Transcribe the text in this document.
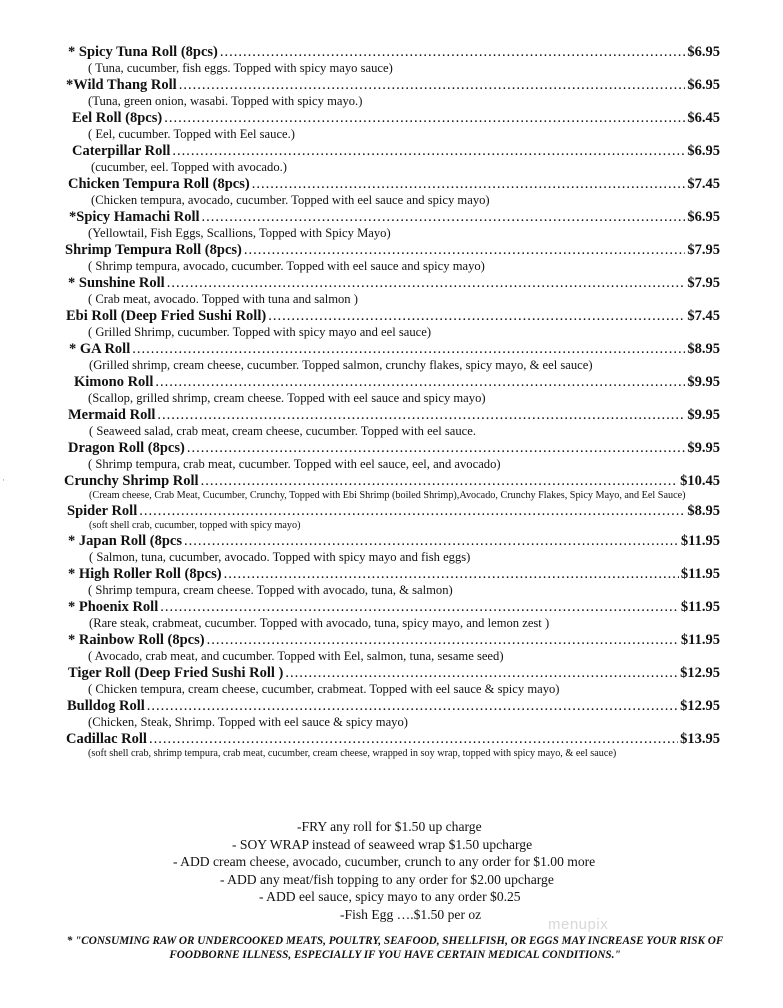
* Spicy Tuna Roll (8pcs) .....	$6.95
( Tuna, cucumber, fish eggs. Topped with spicy mayo sauce)
*Wild Thang Roll .....	$6.95
(Tuna, green onion, wasabi. Topped with spicy mayo.)
Eel Roll (8pcs) .....	$6.45
( Eel, cucumber. Topped with Eel sauce.)
Caterpillar Roll .....	$6.95
(cucumber, eel. Topped with avocado.)
Chicken Tempura Roll (8pcs) .....	$7.45
(Chicken tempura, avocado, cucumber. Topped with eel sauce and spicy mayo)
*Spicy Hamachi Roll .....	$6.95
(Yellowtail, Fish Eggs, Scallions, Topped with Spicy Mayo)
Shrimp Tempura Roll (8pcs) .....	$7.95
( Shrimp tempura, avocado, cucumber. Topped with eel sauce and spicy mayo)
* Sunshine Roll .....	$7.95
( Crab meat, avocado. Topped with tuna and salmon )
Ebi Roll (Deep Fried Sushi Roll) .....	$7.45
( Grilled Shrimp, cucumber. Topped with spicy mayo and eel sauce)
* GA Roll .....	$8.95
(Grilled shrimp, cream cheese, cucumber. Topped salmon, crunchy flakes, spicy mayo, & eel sauce)
Kimono Roll .....	$9.95
(Scallop, grilled shrimp, cream cheese. Topped with eel sauce and spicy mayo)
Mermaid Roll .....	$9.95
( Seaweed salad, crab meat, cream cheese, cucumber. Topped with eel sauce.
Dragon Roll (8pcs) .....	$9.95
( Shrimp tempura, crab meat, cucumber. Topped with eel sauce, eel, and avocado)
Crunchy Shrimp Roll .....	$10.45
(Cream cheese, Crab Meat, Cucumber, Crunchy, Topped with Ebi Shrimp (boiled Shrimp),Avocado, Crunchy Flakes, Spicy Mayo, and Eel Sauce)
Spider Roll .....	$8.95
(soft shell crab, cucumber, topped with spicy mayo)
* Japan Roll (8pcs .....	$11.95
( Salmon, tuna, cucumber, avocado. Topped with spicy mayo and fish eggs)
* High Roller Roll (8pcs) .....	$11.95
( Shrimp tempura, cream cheese. Topped with avocado, tuna, & salmon)
* Phoenix Roll .....	$11.95
(Rare steak, crabmeat, cucumber. Topped with avocado, tuna, spicy mayo, and lemon zest )
* Rainbow Roll (8pcs) .....	$11.95
( Avocado, crab meat, and cucumber. Topped with Eel, salmon, tuna, sesame seed)
Tiger Roll (Deep Fried Sushi Roll ) .....	$12.95
( Chicken tempura, cream cheese, cucumber, crabmeat. Topped with eel sauce & spicy mayo)
Bulldog Roll .....	$12.95
(Chicken, Steak, Shrimp. Topped with eel sauce & spicy mayo)
Cadillac Roll .....	$13.95
(soft shell crab, shrimp tempura, crab meat, cucumber, cream cheese, wrapped in soy wrap, topped with spicy mayo, & eel sauce)
-FRY any roll for $1.50 up charge
- SOY WRAP instead of seaweed wrap $1.50 upcharge
- ADD cream cheese, avocado, cucumber, crunch to any order for $1.00 more
- ADD any meat/fish topping to any order for $2.00 upcharge
- ADD eel sauce, spicy mayo to any order $0.25
-Fish Egg ….$1.50 per oz
* "CONSUMING RAW OR UNDERCOOKED MEATS, POULTRY, SEAFOOD, SHELLFISH, OR EGGS MAY INCREASE YOUR RISK OF FOODBORNE ILLNESS, ESPECIALLY IF YOU HAVE CERTAIN MEDICAL CONDITIONS."
menupix
·
